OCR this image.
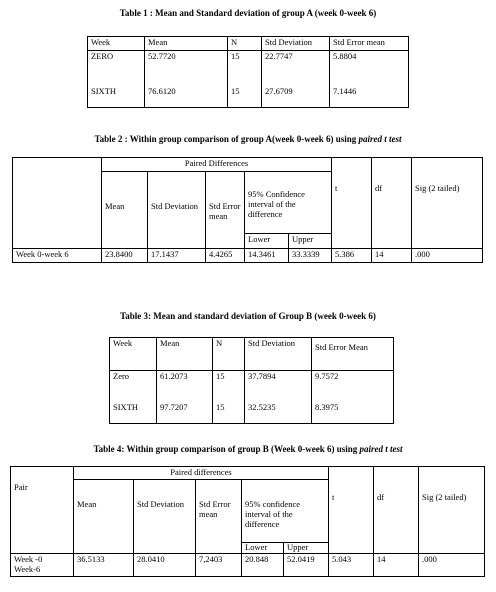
Table 1 : Mean and Standard deviation of group A (week 0-week 6)
Week	Mean	N	Std Deviation	Std Error mean
ZERO	52.7720	15	22.7747	5.8804
SIXTH	76.6120	15	27.6709	7.1446
Table 2 : Within group comparison of group A(week 0-week 6) using paired t test
	Paired Differences					t	df	Sig (2 tailed)
	Mean	Std Deviation	Std Error mean	95% Confidence interval of the difference				
				Lower	Upper			
Week 0-week 6	23.8400	17.1437	4.4265	14.3461	33.3339	5.386	14	.000
Table 3: Mean and standard deviation of Group B (week 0-week 6)
Week	Mean	N	Std Deviation	Std Error Mean
Zero	61.2073	15	37.7894	9.7572
SIXTH	97.7207	15	32.5235	8.3975
Table 4: Within group comparison of group B (Week 0-week 6) using paired t test
Pair	Paired differences					t	df	Sig (2 tailed)
	Mean	Std Deviation	Std Error mean	95% confidence interval of the difference				
				Lower	Upper			

Week -0
Week-6	36.5133	28.0410	7,2403	20.848	52.0419	5.043	14	.000
